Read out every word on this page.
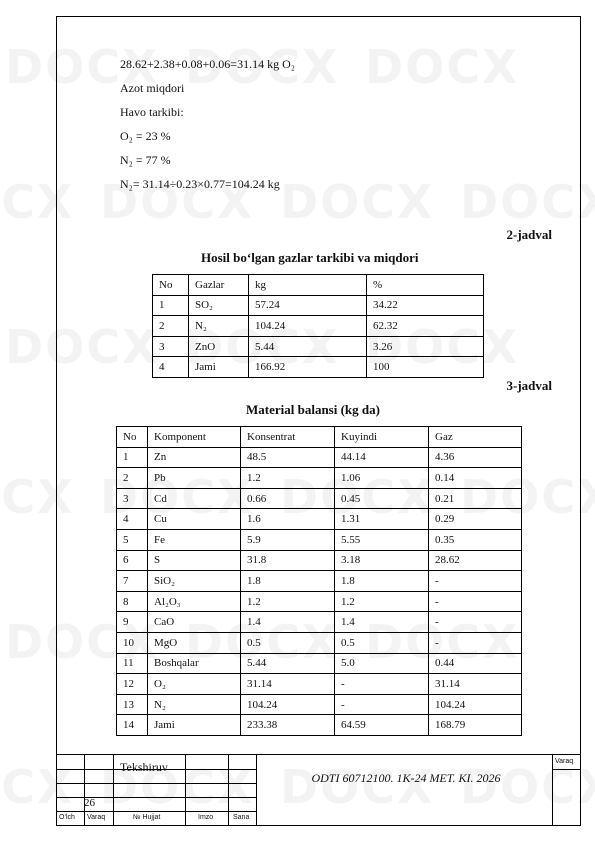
28.62+2.38+0.08+0.06=31.14 kg O₂
Azot miqdori
Havo tarkibi:
O₂ = 23 %
N₂ = 77 %
N₂= 31.14÷0.23×0.77=104.24 kg
2-jadval
Hosil bo‘lgan gazlar tarkibi va miqdori
No	Gazlar	kg	%
1	SO₂	57.24	34.22
2	N₂	104.24	62.32
3	ZnO	5.44	3.26
4	Jami	166.92	100
3-jadval
Material balansi (kg da)
No	Komponent	Konsentrat	Kuyindi	Gaz
1	Zn	48.5	44.14	4.36
2	Pb	1.2	1.06	0.14
3	Cd	0.66	0.45	0.21
4	Cu	1.6	1.31	0.29
5	Fe	5.9	5.55	0.35
6	S	31.8	3.18	28.62
7	SiO₂	1.8	1.8	-
8	Al₂O₃	1.2	1.2	-
9	CaO	1.4	1.4	-
10	MgO	0.5	0.5	-
11	Boshqalar	5.44	5.0	0.44
12	O₂	31.14	-	31.14
13	N₂	104.24	-	104.24
14	Jami	233.38	64.59	168.79
Tekshiruv
26
ODTI 60712100. 1K-24 MET. KI. 2026
O‘lch Varaq	№ Hujjat	Imzo	Sana
Varaq
